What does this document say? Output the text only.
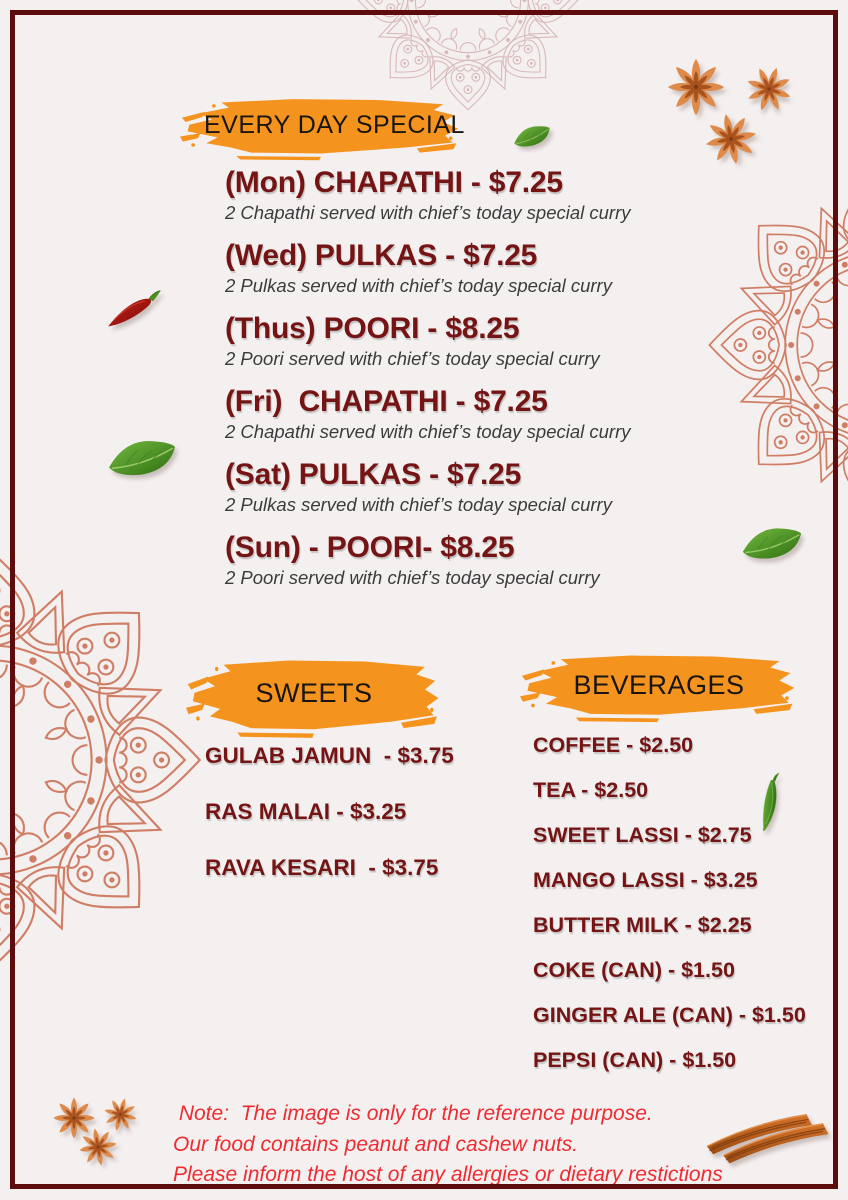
EVERY DAY SPECIAL
(Mon) CHAPATHI - $7.25
2 Chapathi served with chief’s today special curry
(Wed) PULKAS - $7.25
2 Pulkas served with chief’s today special curry
(Thus) POORI - $8.25
2 Poori served with chief’s today special curry
(Fri)  CHAPATHI - $7.25
2 Chapathi served with chief’s today special curry
(Sat) PULKAS - $7.25
2 Pulkas served with chief’s today special curry
(Sun) - POORI- $8.25
2 Poori served with chief’s today special curry
SWEETS
GULAB JAMUN  - $3.75
RAS MALAI - $3.25
RAVA KESARI  - $3.75
BEVERAGES
COFFEE - $2.50
TEA - $2.50
SWEET LASSI - $2.75
MANGO LASSI - $3.25
BUTTER MILK - $2.25
COKE (CAN) - $1.50
GINGER ALE (CAN) - $1.50
PEPSI (CAN) - $1.50
Note:  The image is only for the reference purpose.
Our food contains peanut and cashew nuts.
Please inform the host of any allergies or dietary restictions
